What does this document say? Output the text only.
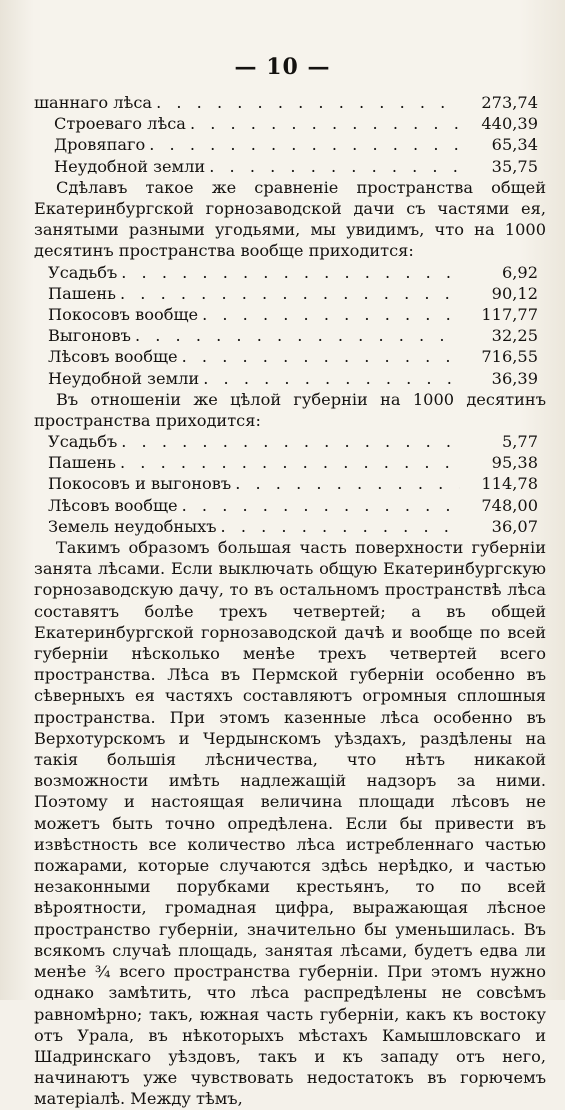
— 10 —
шаннаго лѣса . . .	273,74
Строеваго лѣса . . .	440,39
Дровяпаго . . .	65,34
Неудобной земли . . .	35,75

Сдѣлавъ такое же сравненіе пространства общей Екатеринбургской горнозаводской дачи съ частями ея, занятыми разными угодьями, мы увидимъ, что на 1000 десятинъ пространства вообще приходится:

Усадьбъ . . .	6,92
Пашень . . .	90,12
Покосовъ вообще . . .	117,77
Выгоновъ . . .	32,25
Лѣсовъ вообще . . .	716,55
Неудобной земли . . .	36,39

Въ отношеніи же цѣлой губерніи на 1000 десятинъ пространства приходится:

Усадьбъ . . .	5,77
Пашень . . .	95,38
Покосовъ и выгоновъ . . .	114,78
Лѣсовъ вообще . . .	748,00
Земель неудобныхъ . . .	36,07

Такимъ образомъ большая часть поверхности губерніи занята лѣсами. Если выключать общую Екатеринбургскую горнозаводскую дачу, то въ остальномъ пространствѣ лѣса составятъ болѣе трехъ четвертей; а въ общей Екатеринбургской горнозаводской дачѣ и вообще по всей губерніи нѣсколько менѣе трехъ четвертей всего пространства. Лѣса въ Пермской губерніи особенно въ сѣверныхъ ея частяхъ составляютъ огромныя сплошныя пространства. При этомъ казенные лѣса особенно въ Верхотурскомъ и Чердынскомъ уѣздахъ, раздѣлены на такія большія лѣсничества, что нѣтъ никакой возможности имѣть надлежащій надзоръ за ними. Поэтому и настоящая величина площади лѣсовъ не можетъ быть точно опредѣлена. Если бы привести въ извѣстность все количество лѣса истребленнаго частью пожарами, которые случаются здѣсь нерѣдко, и частью незаконными порубками крестьянъ, то по всей вѣроятности, громадная цифра, выражающая лѣсное пространство губерніи, значительно бы уменьшилась. Въ всякомъ случаѣ площадь, занятая лѣсами, будетъ едва ли менѣе ¾ всего пространства губерніи. При этомъ нужно однако замѣтить, что лѣса распредѣлены не совсѣмъ равномѣрно; такъ, южная часть губерніи, какъ къ востоку отъ Урала, въ нѣкоторыхъ мѣстахъ Камышловскаго и Шадринскаго уѣздовъ, такъ и къ западу отъ него, начинаютъ уже чувствовать недостатокъ въ горючемъ матеріалѣ. Между тѣмъ,
